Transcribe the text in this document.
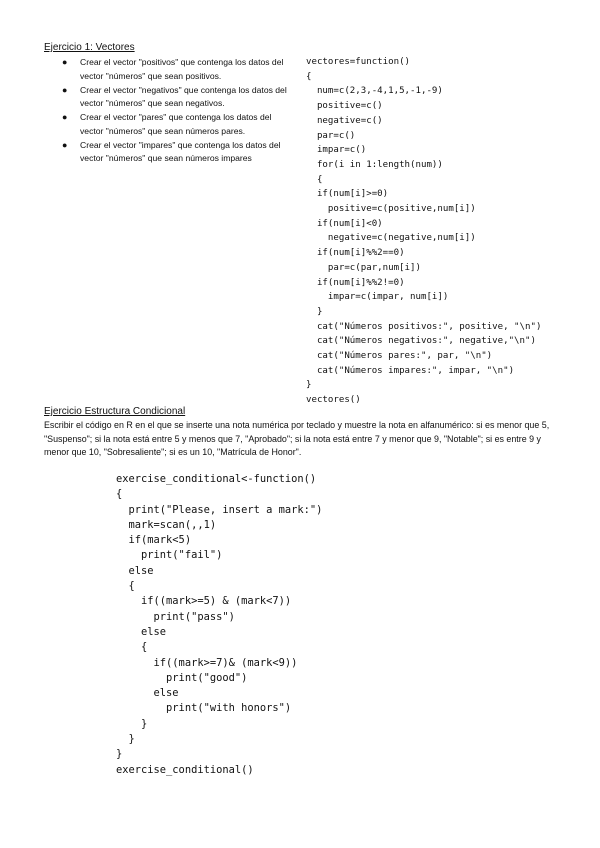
Ejercicio 1: Vectores
● Crear el vector "positivos" que contenga los datos del vector "números" que sean positivos.
● Crear el vector "negativos" que contenga los datos del vector "números" que sean negativos.
● Crear el vector "pares" que contenga los datos del vector "números" que sean números pares.
● Crear el vector "impares" que contenga los datos del vector "números" que sean números impares
vectores=function()
{
num=c(2,3,-4,1,5,-1,-9)
positive=c()
negative=c()
par=c()
impar=c()
for(i in 1:length(num))
{
if(num[i]>=0)
positive=c(positive,num[i])
if(num[i]<0)
negative=c(negative,num[i])
if(num[i]%%2==0)
par=c(par,num[i])
if(num[i]%%2!=0)
impar=c(impar, num[i])
}
cat("Números positivos:", positive, "\n")
cat("Números negativos:", negative,"\n")
cat("Números pares:", par, "\n")
cat("Números impares:", impar, "\n")
}
vectores()
Ejercicio Estructura Condicional
Escribir el código en R en el que se inserte una nota numérica por teclado y muestre la nota en alfanumérico: si es menor que 5, "Suspenso"; si la nota está entre 5 y menos que 7, "Aprobado"; si la nota está entre 7 y menor que 9, "Notable"; si es entre 9 y menor que 10, "Sobresaliente"; si es un 10, "Matrícula de Honor".
exercise_conditional<-function()
{
print("Please, insert a mark:")
mark=scan(,,1)
if(mark<5)
print("fail")
else
{
if((mark>=5) & (mark<7))
print("pass")
else
{
if((mark>=7)& (mark<9))
print("good")
else
print("with honors")
}
}
}
exercise_conditional()
